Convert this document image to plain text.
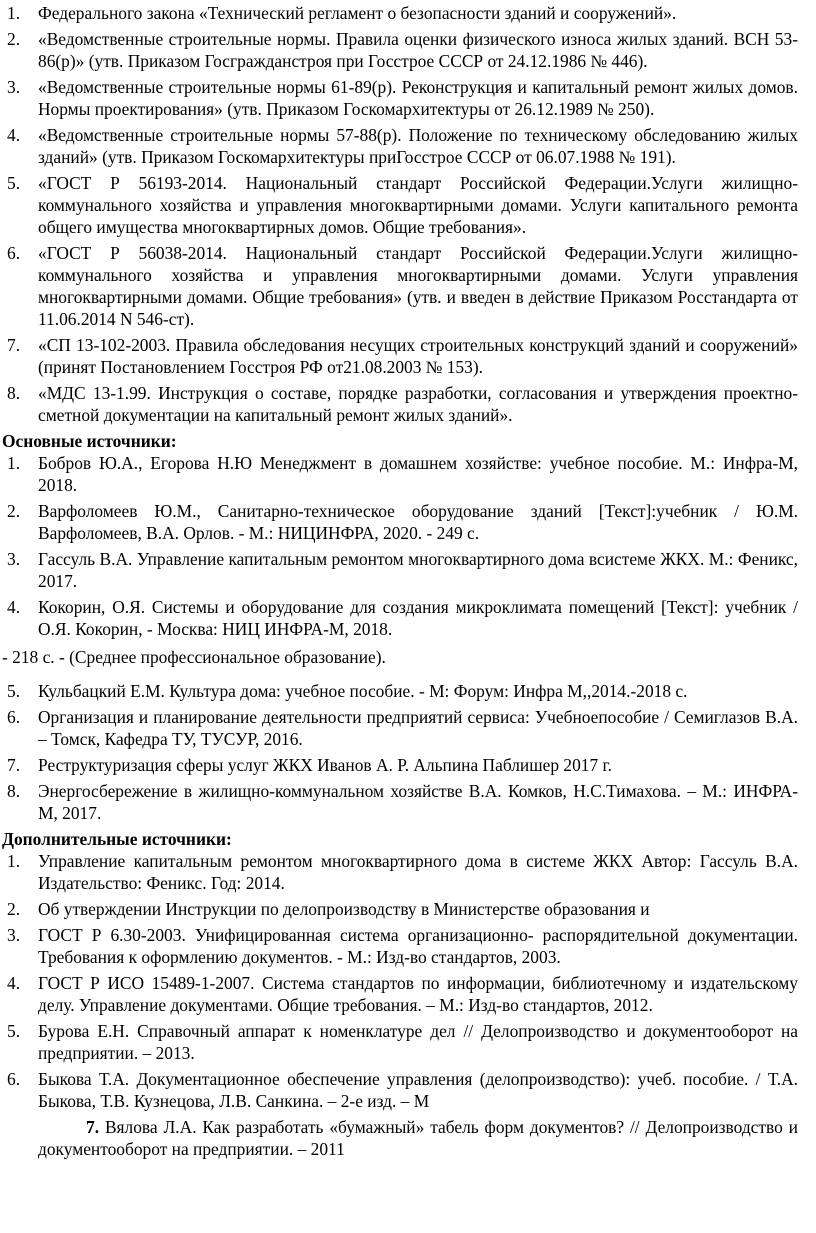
1. Федерального закона «Технический регламент о безопасности зданий и сооружений».
2. «Ведомственные строительные нормы. Правила оценки физического износа жилых зданий. ВСН 53-86(р)» (утв. Приказом Госгражданстроя при Госстрое СССР от 24.12.1986 № 446).
3. «Ведомственные строительные нормы 61-89(р). Реконструкция и капитальный ремонт жилых домов. Нормы проектирования» (утв. Приказом Госкомархитектуры от 26.12.1989 № 250).
4. «Ведомственные строительные нормы 57-88(р). Положение по техническому обследованию жилых зданий» (утв. Приказом Госкомархитектуры приГосстрое СССР от 06.07.1988 № 191).
5. «ГОСТ Р 56193-2014. Национальный стандарт Российской Федерации.Услуги жилищно-коммунального хозяйства и управления многоквартирными домами. Услуги капитального ремонта общего имущества многоквартирных домов. Общие требования».
6. «ГОСТ Р 56038-2014. Национальный стандарт Российской Федерации.Услуги жилищно-коммунального хозяйства и управления многоквартирными домами. Услуги управления многоквартирными домами. Общие требования» (утв. и введен в действие Приказом Росстандарта от 11.06.2014 N 546-ст).
7. «СП 13-102-2003. Правила обследования несущих строительных конструкций зданий и сооружений» (принят Постановлением Госстроя РФ от21.08.2003 № 153).
8. «МДС 13-1.99. Инструкция о составе, порядке разработки, согласования и утверждения проектно-сметной документации на капитальный ремонт жилых зданий».
Основные источники:
1. Бобров Ю.А., Егорова Н.Ю Менеджмент в домашнем хозяйстве: учебное пособие. М.: Инфра-М, 2018.
2. Варфоломеев Ю.М., Санитарно-техническое оборудование зданий [Текст]:учебник / Ю.М. Варфоломеев, В.А. Орлов. - М.: НИЦИНФРА, 2020. - 249 с.
3. Гассуль В.А. Управление капитальным ремонтом многоквартирного дома всистеме ЖКХ. М.: Феникс, 2017.
4. Кокорин, О.Я. Системы и оборудование для создания микроклимата помещений [Текст]: учебник /О.Я. Кокорин, - Москва: НИЦ ИНФРА-М, 2018.
- 218 с. - (Среднее профессиональное образование).
5. Кульбацкий Е.М. Культура дома: учебное пособие. - М: Форум: Инфра М,,2014.-2018 с.
6. Организация и планирование деятельности предприятий сервиса: Учебноепособие / Семиглазов В.А. – Томск, Кафедра ТУ, ТУСУР, 2016.
7. Реструктуризация сферы услуг ЖКХ Иванов А. Р. Альпина Паблишер 2017 г.
8. Энергосбережение в жилищно-коммунальном хозяйстве В.А. Комков, Н.С.Тимахова. – М.: ИНФРА-М, 2017.
Дополнительные источники:
1. Управление капитальным ремонтом многоквартирного дома в системе ЖКХ Автор: Гассуль В.А. Издательство: Феникс. Год: 2014.
2. Об утверждении Инструкции по делопроизводству в Министерстве образования и
3. ГОСТ Р 6.30-2003. Унифицированная система организационно- распорядительной документации. Требования к оформлению документов. - М.: Изд-во стандартов, 2003.
4. ГОСТ Р ИСО 15489-1-2007. Система стандартов по информации, библиотечному и издательскому делу. Управление документами. Общие требования. – М.: Изд-во стандартов, 2012.
5. Бурова Е.Н. Справочный аппарат к номенклатуре дел // Делопроизводство и документооборот на предприятии. – 2013.
6. Быкова Т.А. Документационное обеспечение управления (делопроизводство): учеб. пособие. / Т.А. Быкова, Т.В. Кузнецова, Л.В. Санкина. – 2-е изд. – М
7. Вялова Л.А. Как разработать «бумажный» табель форм документов? // Делопроизводство и документооборот на предприятии. – 2011
